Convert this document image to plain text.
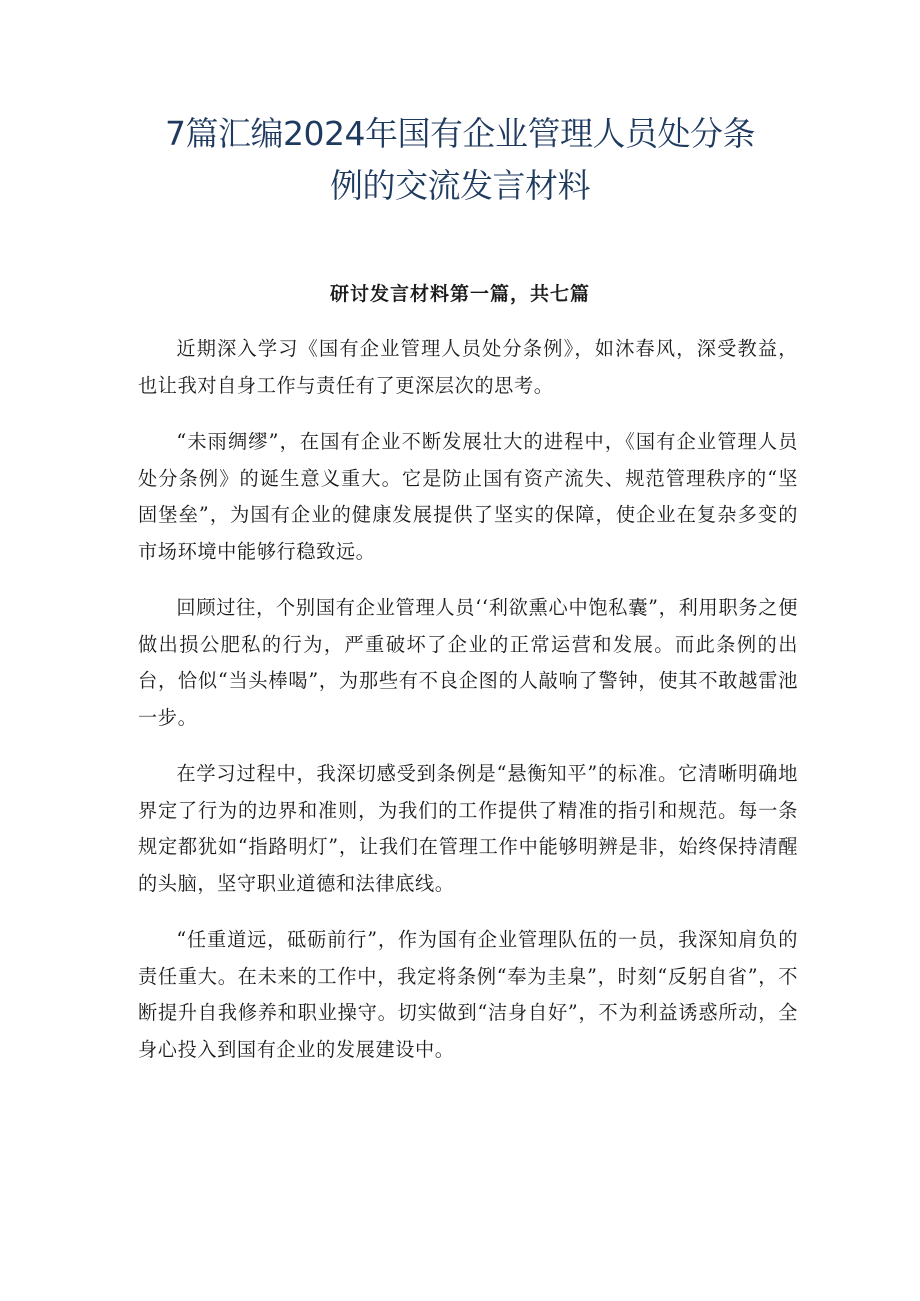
7篇汇编2024年国有企业管理人员处分条
例的交流发言材料
研讨发言材料第一篇，共七篇

近期深入学习《国有企业管理人员处分条例》，如沐春风，深受教益，也让我对自身工作与责任有了更深层次的思考。

“未雨绸缪”，在国有企业不断发展壮大的进程中，《国有企业管理人员处分条例》的诞生意义重大。它是防止国有资产流失、规范管理秩序的“坚固堡垒”，为国有企业的健康发展提供了坚实的保障，使企业在复杂多变的市场环境中能够行稳致远。

回顾过往，个别国有企业管理人员‘‘利欲熏心中饱私囊”，利用职务之便做出损公肥私的行为，严重破坏了企业的正常运营和发展。而此条例的出台，恰似“当头棒喝”，为那些有不良企图的人敲响了警钟，使其不敢越雷池一步。

在学习过程中，我深切感受到条例是“悬衡知平”的标准。它清晰明确地界定了行为的边界和准则，为我们的工作提供了精准的指引和规范。每一条规定都犹如“指路明灯”，让我们在管理工作中能够明辨是非，始终保持清醒的头脑，坚守职业道德和法律底线。

“任重道远，砥砺前行”，作为国有企业管理队伍的一员，我深知肩负的责任重大。在未来的工作中，我定将条例“奉为圭臬”，时刻“反躬自省”，不断提升自我修养和职业操守。切实做到“洁身自好”，不为利益诱惑所动，全身心投入到国有企业的发展建设中。
